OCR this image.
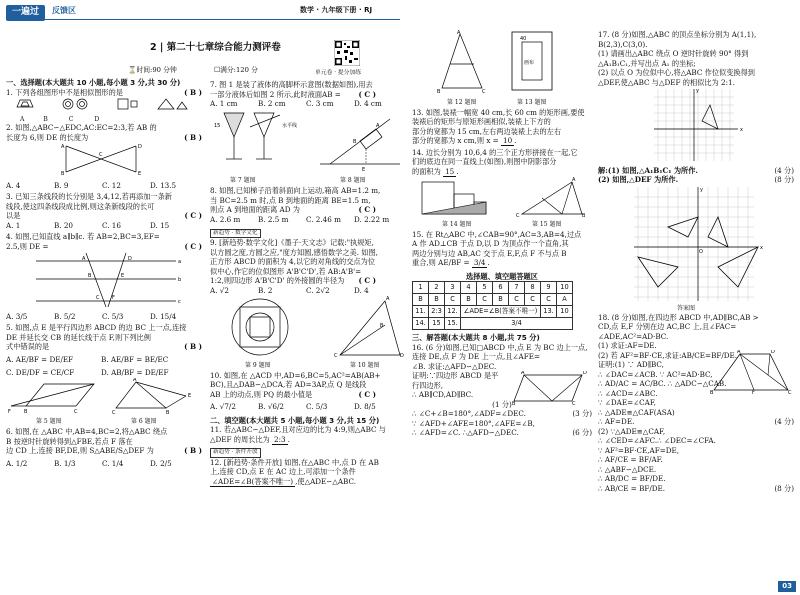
一遍过	反馈区	数学 · 九年级下册 · RJ
单元卷 · 提分加练
2 | 第二十七章综合能力测评卷
⌛时间:90 分钟	☐满分:120 分
一、选择题(本大题共 10 小题,每小题 3 分,共 30 分)
1. 下列各组图形中不是相似图形的是	( B )
A          B           C           D
2. 如图,△ABC∽△EDC,AC:EC=2:3,若 AB 的
长度为 6,则 DE 的长度为	( B )
A
B
C
D
E
A. 4	B. 9	C. 12	D. 13.5
3. 已知三条线段的长分别是 3,4,12,若再添加一条新
线段,使这四条线段成比例,则这条新线段的长可
以是	( C )
A. 1	B. 20	C. 16	D. 15
4. 如图,已知直线 a∥b∥c. 若 AB=2,BC=3,EF=
2.5,则 DE =	( C )
a
b
c
A
B
C
D
E
F
A. 3/5	B. 5/2	C. 5/3	D. 15/4
5. 如图,点 E 是平行四边形 ABCD 的边 BC 上一点,连接
DE 并延长交 CB 的延长线于点 F,则下列比例
式中错误的是	( B )
A. AE/BF = DE/EF	B. AE/BF = BE/EC
C. DE/DF = CE/CF	D. AB/BF = DE/EF
F	B	C
A
C	B
E
第 5 题图	第 6 题图
6. 如图,在 △ABC 中,AB=4,BC=2,将△ABC 绕点
B 按逆时针旋转得到△FBE,若点 F 落在
边 CD 上,连接 BF,DE,则 S△ABE/S△DEF 为	( B )
A. 1/2	B. 1/3	C. 1/4	D. 2/5
7. 图 1 是装了液体的高脚杯示意图(数据如图),用去
一部分液体后如图 2 所示,此时液面AB = ( C )
A. 1 cm	B. 2 cm	C. 3 cm	D. 4 cm
15	水平线
B
A
E
第 7 题图	第 8 题图
8. 如图,已知梯子沿着斜面向上运动,箱高 AB=1.2 m,
当 BC=2.5 m 时,点 B 到地面的距离 BE=1.5 m,
则点 A 到地面的距离 AD 为	( C )
A. 2.6 m B. 2.5 m C. 2.46 m D. 2.22 m
新趋势 · 数学文化
9. [新趋势·数学文化]《墨子·天文志》记载:"执规矩,
以方圆之度,方圆之应,"度方知圆,感悟数学之美. 如图,
正方形 ABCD 的面积为 4,以它的对角线的交点为位
似中心,作它的位似图形 A'B'C'D',若 AB:A'B'=
1:2,则四边形 A'B'C'D' 的外接圆的半径为 ( C )
A. √2	B. 2	C. 2√2	D. 4
C
A
D
B
第 9 题图	第 10 题图
10. 如图,在 △ACD 中,AD=6,BC=5,AC²=AB(AB+
BC),且△DAB∽△DCA,若 AD=3AP,点 Q 是线段
AB 上的动点,则 PQ 的最小值是	( C )
A. √7/2	B. √6/2	C. 5/3	D. 8/5
二、填空题(本大题共 5 小题,每小题 3 分,共 15 分)
11. 若△ABC∽△DEF,且对应边的比为 4:9,则△ABC 与
△DEF 的周长比为 2:3 .
新趋势 · 条件开放
12. [新趋势·条件开放] 如图,在△ABC 中,点 D 在 AB
上,连接 CD,点 E 在 AC 边上,可添加一个条件
∠ADE=∠B(答案不唯一) ,使△ADE∽△ABC.
A
B	C
40
画布
第 12 题图	第 13 题图
13. 如图,装裱一幅宽 40 cm,长 60 cm 的矩形画,要使
装裱后的矩形与原矩形画相似,装裱上下方的
部分的宽都为 15 cm,左右两边装裱上去的左右
部分的宽都为 x cm,则 x = 10 .
14. 边长分别为 10,6,4 的三个正方形拼接在一起,它
们的底边在同一直线上(如图),则图中阴影部分
的面积为 15 .
C
A
B
第 14 题图	第 15 题图
15. 在 Rt△ABC 中,∠CAB=90°,AC=3,AB=4,过点
A 作 AD⊥CB 于点 D,以 D 为顶点作一个直角,其
两边分别与边 AB,AC 交于点 E,F,点 F 不与点 B
重合,则 AE/BF = 3/4 .
选择题、填空题答题区
1	2	3	4	5	6	7	8	9	10
B	B	C	B	C	B	C	C	C	A
11.	2:3	12.	∠ADE=∠B(答案不唯一)					13.	10
14.	15	15.	3/4						
三、解答题(本大题共 8 小题,共 75 分)
16. (6 分)如图,已知□ABCD 中,点 E 为 BC 边上一点,
连接 DE,点 F 为 DE 上一点,且∠AFE=
∠B. 求证:△AFD∽△DEC.
证明:∵四边形 ABCD 是平
行四边形,
∴ AB∥CD,AD∥BC.
(1 分)
∴ ∠C+∠B=180°,∠ADF=∠DEC.	(3 分)
∵ ∠AFD+∠AFE=180°,∠AFE=∠B,
∴ ∠AFD=∠C. ∴△AFD∽△DEC.	(6 分)
A	D
B	C
17. (8 分)如图,△ABC 的顶点坐标分别为 A(1,1),
B(2,3),C(3,0).
(1) 请画出△ABC 绕点 O 逆时针旋转 90° 得到
△A₁B₁C₁,并写出点 A₁ 的坐标;
(2) 以点 O 为位似中心,将△ABC 作位似变换得到
△DEF,使△ABC 与△DEF 的相似比为 2:1.
x
y
解:(1) 如图,△A₁B₁C₁ 为所作.	(4 分)
(2) 如图,△DEF 为所作.	(8 分)
x
y
O
答案图
18. (8 分)如图,在四边形 ABCD 中,AD∥BC,AB >
CD,点 E,F 分别在边 AC,BC 上,且∠FAC=
∠ADE,AC²=AD·BC.
(1) 求证:AF=DE.
(2) 若 AF²=BF·CE,求证:AB/CE=BF/DE.
证明:(1) ∵ AD∥BC,
∴ ∠DAC=∠ACB. ∵ AC²=AD·BC,
∴ AD/AC = AC/BC. ∴ △ADC∽△CAB.
∴ ∠ACD=∠ABC.
∵ ∠DAE=∠CAF,
∴ △ADE≌△CAF(ASA)
∴ AF=DE.	(4 分)
(2) ∵△ADE≌△CAF,
∴ ∠CED=∠AFC.∴ ∠DEC=∠CFA.
∵ AF²=BF·CE,AF=DE,
∴ AF/CE = BF/AF.
∴ △ABF∽△DCE.
∴ AB/DC = BF/DE.
∴ AB/CE = BF/DE.	(8 分)
A	D
B	F	C
03
